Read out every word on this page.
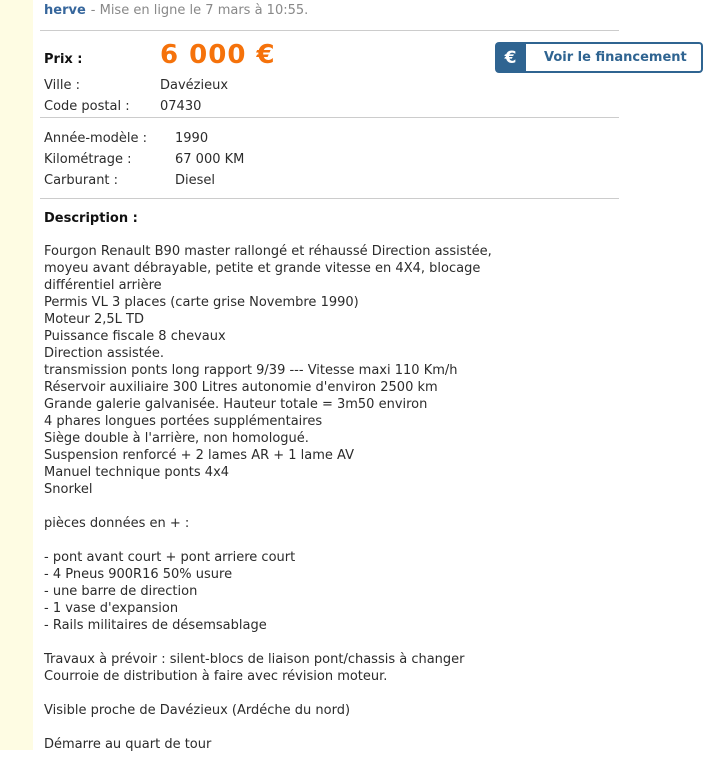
herve - Mise en ligne le 7 mars à 10:55.
Prix :	6 000 €
Ville :	Davézieux
Code postal :	07430
€	Voir le financement
Année-modèle :	1990
Kilométrage :	67 000 KM
Carburant :	Diesel
Description :
Fourgon Renault B90 master rallongé et réhaussé Direction assistée,
moyeu avant débrayable, petite et grande vitesse en 4X4, blocage
différentiel arrière
Permis VL 3 places (carte grise Novembre 1990)
Moteur 2,5L TD
Puissance fiscale 8 chevaux
Direction assistée.
transmission ponts long rapport 9/39 --- Vitesse maxi 110 Km/h
Réservoir auxiliaire 300 Litres autonomie d'environ 2500 km
Grande galerie galvanisée. Hauteur totale = 3m50 environ
4 phares longues portées supplémentaires
Siège double à l'arrière, non homologué.
Suspension renforcé + 2 lames AR + 1 lame AV
Manuel technique ponts 4x4
Snorkel

pièces données en + :

- pont avant court + pont arriere court
- 4 Pneus 900R16 50% usure
- une barre de direction
- 1 vase d'expansion
- Rails militaires de désemsablage

Travaux à prévoir : silent-blocs de liaison pont/chassis à changer
Courroie de distribution à faire avec révision moteur.

Visible proche de Davézieux (Ardéche du nord)

Démarre au quart de tour
